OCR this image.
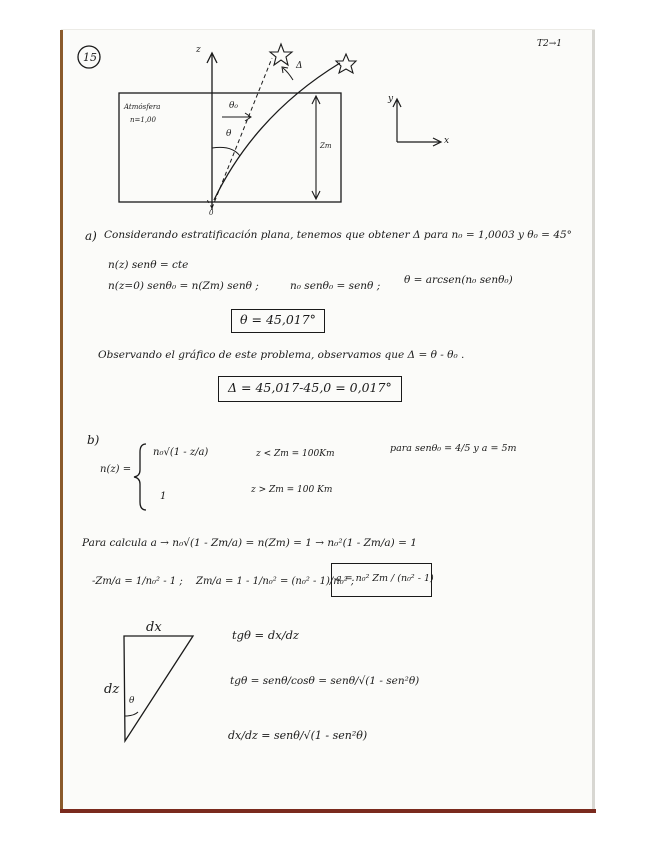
15
T2→1
z
Atmósfera
n=1,00
θ₀
θ
Δ
Zm
0
y
x
a) Considerando estratificación plana, tenemos que obtener Δ para n₀ = 1,0003 y θ₀ = 45°
n(z) senθ = cte
n(z=0) senθ₀ = n(Zm) senθ ;	n₀ senθ₀ = senθ ; θ = arcsen(n₀ senθ₀)
θ = 45,017°
Observando el gráfico de este problema, observamos que Δ = θ - θ₀ .
Δ = 45,017-45,0 = 0,017°
b)
n(z) =
n₀√(1 - z/a)	z < Zm = 100Km	para senθ₀ = 4/5 y a = 5m
1
z > Zm = 100 Km
Para calcula a → n₀√(1 - Zm/a) = n(Zm) = 1 → n₀²(1 - Zm/a) = 1
-Zm/a = 1/n₀² - 1 ; Zm/a = 1 - 1/n₀² = (n₀² - 1)/n₀² ;
a = n₀² Zm / (n₀² - 1)
dx
dz
θ
tgθ = dx/dz
tgθ = senθ/cosθ = senθ/√(1 - sen²θ)
dx/dz = senθ/√(1 - sen²θ)
